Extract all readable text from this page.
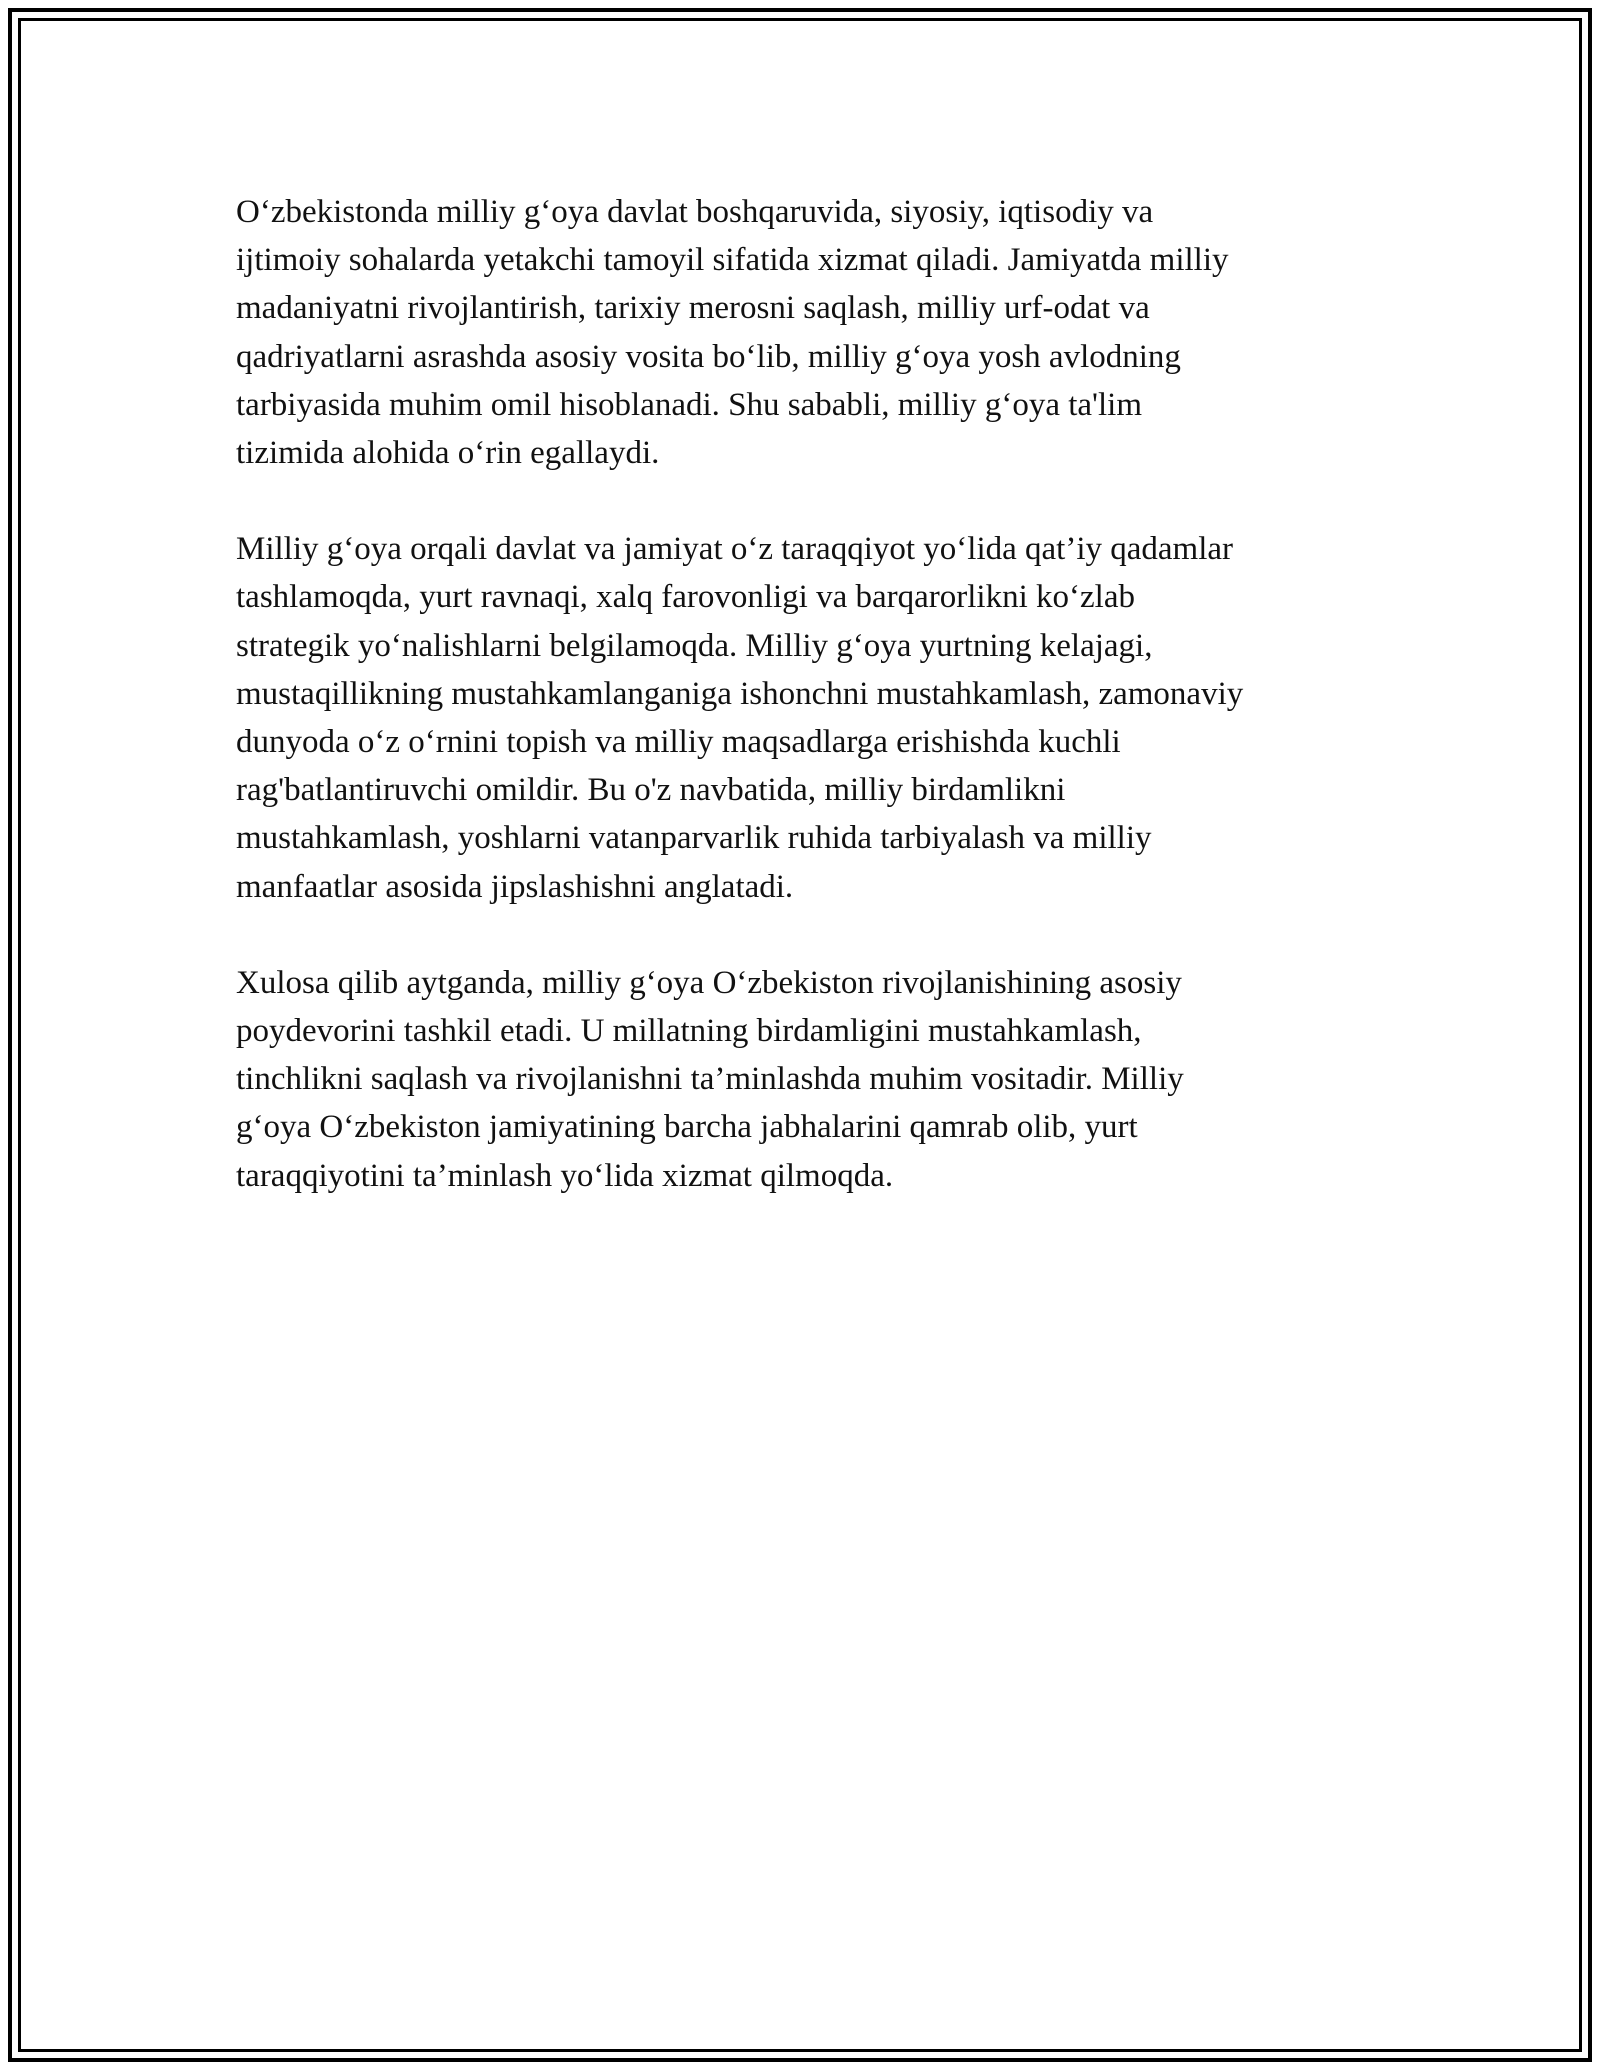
O‘zbekistonda milliy g‘oya davlat boshqaruvida, siyosiy, iqtisodiy va
ijtimoiy sohalarda yetakchi tamoyil sifatida xizmat qiladi. Jamiyatda milliy
madaniyatni rivojlantirish, tarixiy merosni saqlash, milliy urf-odat va
qadriyatlarni asrashda asosiy vosita bo‘lib, milliy g‘oya yosh avlodning
tarbiyasida muhim omil hisoblanadi. Shu sababli, milliy g‘oya ta'lim
tizimida alohida o‘rin egallaydi.

Milliy g‘oya orqali davlat va jamiyat o‘z taraqqiyot yo‘lida qat’iy qadamlar
tashlamoqda, yurt ravnaqi, xalq farovonligi va barqarorlikni ko‘zlab
strategik yo‘nalishlarni belgilamoqda. Milliy g‘oya yurtning kelajagi,
mustaqillikning mustahkamlanganiga ishonchni mustahkamlash, zamonaviy
dunyoda o‘z o‘rnini topish va milliy maqsadlarga erishishda kuchli
rag'batlantiruvchi omildir. Bu o'z navbatida, milliy birdamlikni
mustahkamlash, yoshlarni vatanparvarlik ruhida tarbiyalash va milliy
manfaatlar asosida jipslashishni anglatadi.

Xulosa qilib aytganda, milliy g‘oya O‘zbekiston rivojlanishining asosiy
poydevorini tashkil etadi. U millatning birdamligini mustahkamlash,
tinchlikni saqlash va rivojlanishni ta’minlashda muhim vositadir. Milliy
g‘oya O‘zbekiston jamiyatining barcha jabhalarini qamrab olib, yurt
taraqqiyotini ta’minlash yo‘lida xizmat qilmoqda.
